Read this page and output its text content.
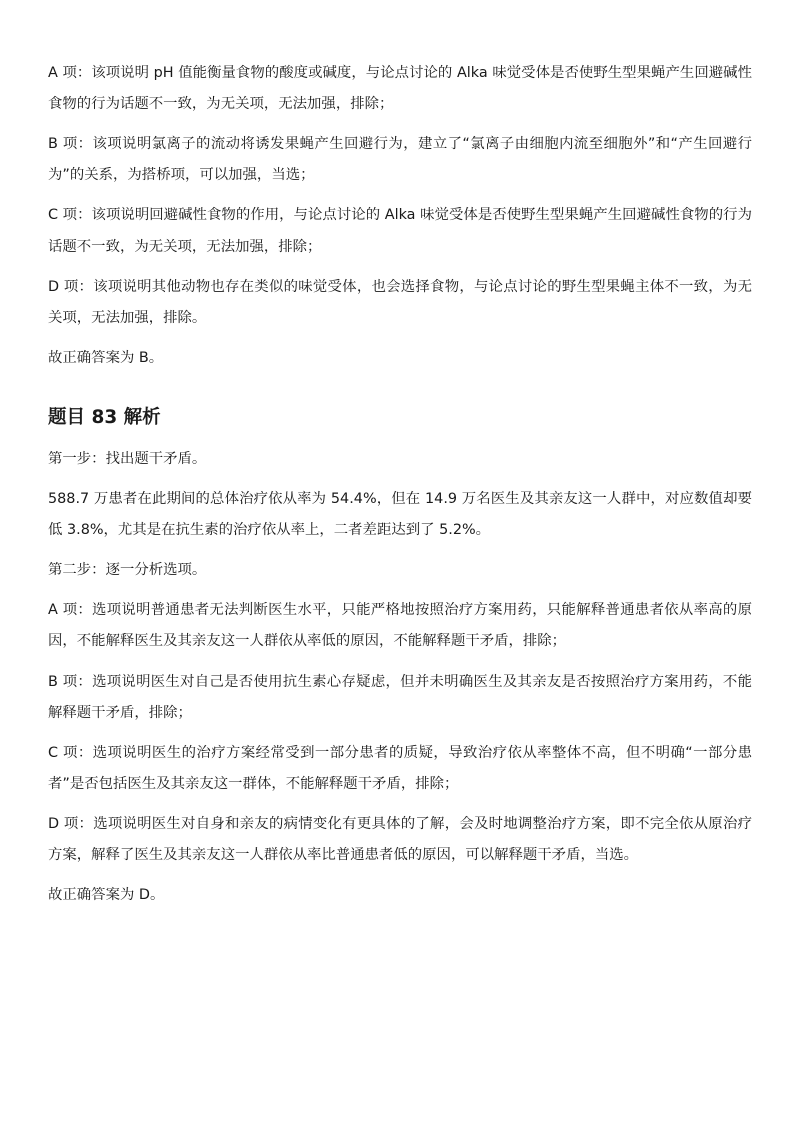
A 项：该项说明 pH 值能衡量食物的酸度或碱度，与论点讨论的 Alka 味觉受体是否使野生型果蝇产生回避碱性食物的行为话题不一致，为无关项，无法加强，排除；

B 项：该项说明氯离子的流动将诱发果蝇产生回避行为，建立了“氯离子由细胞内流至细胞外”和“产生回避行为”的关系，为搭桥项，可以加强，当选；

C 项：该项说明回避碱性食物的作用，与论点讨论的 Alka 味觉受体是否使野生型果蝇产生回避碱性食物的行为话题不一致，为无关项，无法加强，排除；

D 项：该项说明其他动物也存在类似的味觉受体，也会选择食物，与论点讨论的野生型果蝇主体不一致，为无关项，无法加强，排除。

故正确答案为 B。

题目 83 解析

第一步：找出题干矛盾。

588.7 万患者在此期间的总体治疗依从率为 54.4%，但在 14.9 万名医生及其亲友这一人群中，对应数值却要低 3.8%，尤其是在抗生素的治疗依从率上，二者差距达到了 5.2%。

第二步：逐一分析选项。

A 项：选项说明普通患者无法判断医生水平，只能严格地按照治疗方案用药，只能解释普通患者依从率高的原因，不能解释医生及其亲友这一人群依从率低的原因，不能解释题干矛盾，排除；

B 项：选项说明医生对自己是否使用抗生素心存疑虑，但并未明确医生及其亲友是否按照治疗方案用药，不能解释题干矛盾，排除；

C 项：选项说明医生的治疗方案经常受到一部分患者的质疑，导致治疗依从率整体不高，但不明确“一部分患者”是否包括医生及其亲友这一群体，不能解释题干矛盾，排除；

D 项：选项说明医生对自身和亲友的病情变化有更具体的了解，会及时地调整治疗方案，即不完全依从原治疗方案，解释了医生及其亲友这一人群依从率比普通患者低的原因，可以解释题干矛盾，当选。

故正确答案为 D。
